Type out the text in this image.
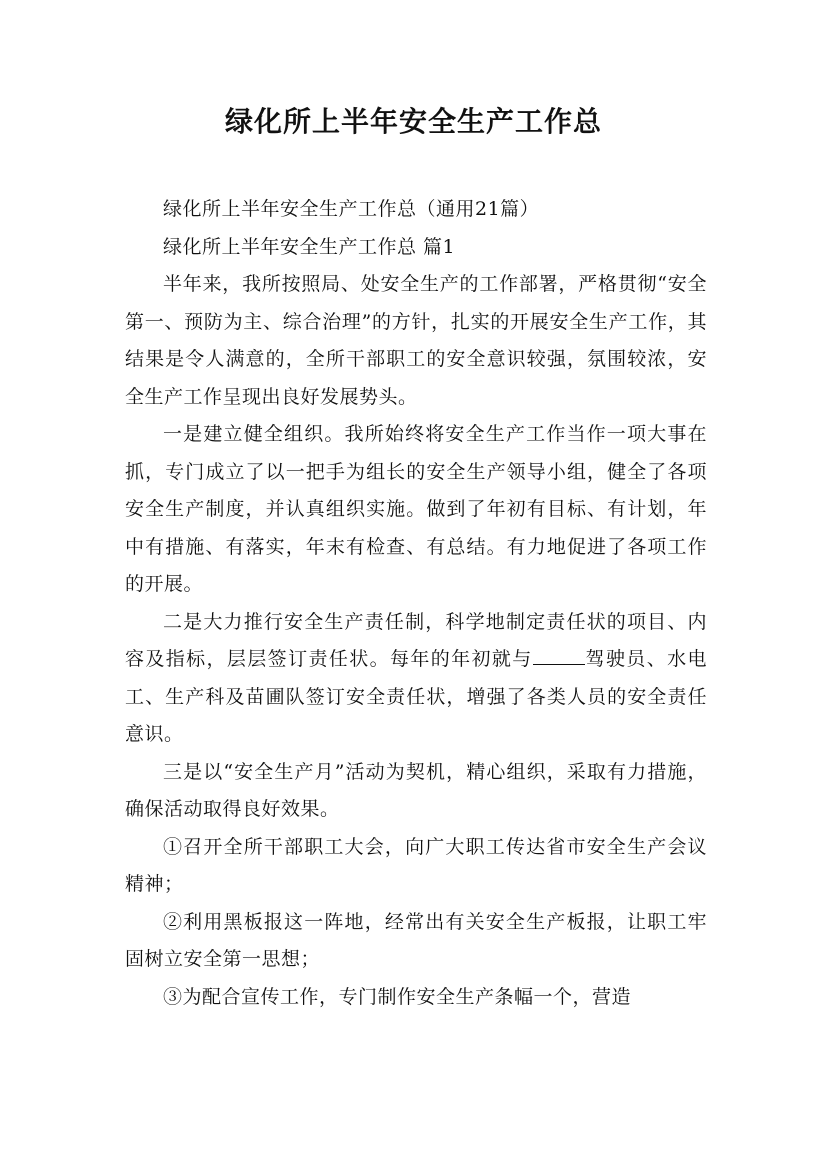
绿化所上半年安全生产工作总

绿化所上半年安全生产工作总（通用21篇）

绿化所上半年安全生产工作总 篇1

半年来，我所按照局、处安全生产的工作部署，严格贯彻“安全第一、预防为主、综合治理”的方针，扎实的开展安全生产工作，其结果是令人满意的，全所干部职工的安全意识较强，氛围较浓，安全生产工作呈现出良好发展势头。

一是建立健全组织。我所始终将安全生产工作当作一项大事在抓，专门成立了以一把手为组长的安全生产领导小组，健全了各项安全生产制度，并认真组织实施。做到了年初有目标、有计划，年中有措施、有落实，年末有检查、有总结。有力地促进了各项工作的开展。

二是大力推行安全生产责任制，科学地制定责任状的项目、内容及指标，层层签订责任状。每年的年初就与	驾驶员、水电工、生产科及苗圃队签订安全责任状，增强了各类人员的安全责任意识。

三是以“安全生产月”活动为契机，精心组织，采取有力措施，确保活动取得良好效果。

①召开全所干部职工大会，向广大职工传达省市安全生产会议精神；

②利用黑板报这一阵地，经常出有关安全生产板报，让职工牢固树立安全第一思想；

③为配合宣传工作，专门制作安全生产条幅一个，营造
